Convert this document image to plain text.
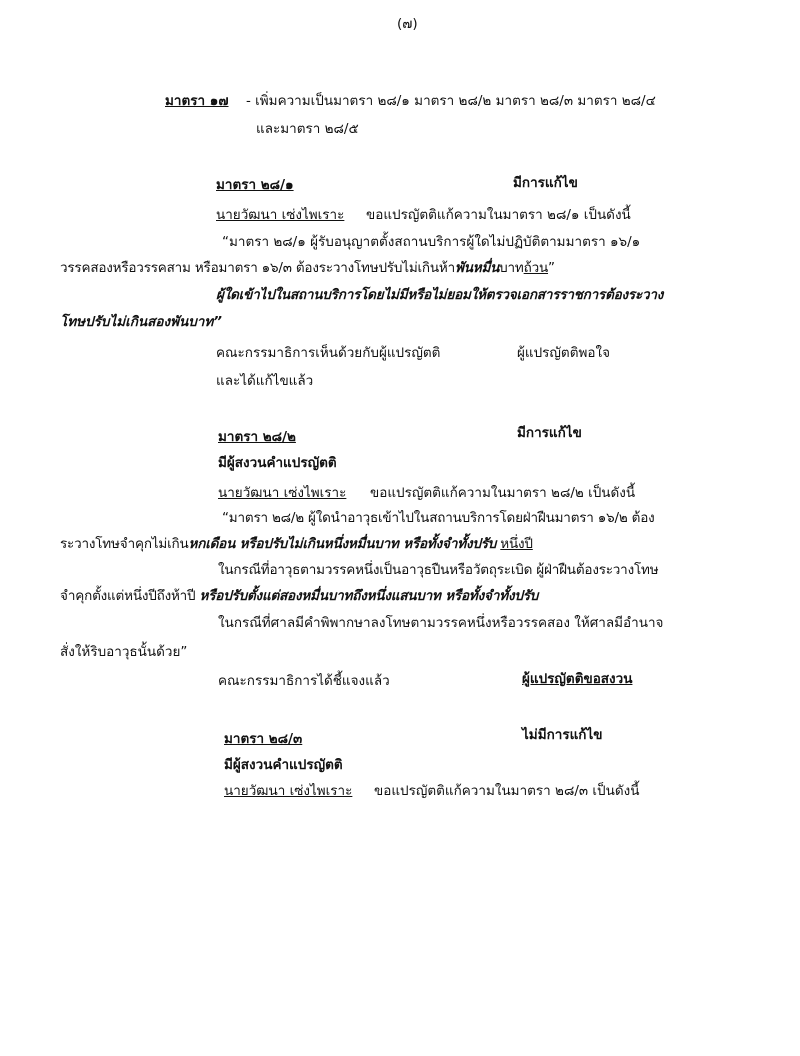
(๗)
มาตรา ๑๗ - เพิ่มความเป็นมาตรา ๒๘/๑ มาตรา ๒๘/๒ มาตรา ๒๘/๓ มาตรา ๒๘/๔
และมาตรา ๒๘/๕
มาตรา ๒๘/๑	มีการแก้ไข
นายวัฒนา เซ่งไพเราะ ขอแปรญัตติแก้ความในมาตรา ๒๘/๑ เป็นดังนี้
“มาตรา ๒๘/๑ ผู้รับอนุญาตตั้งสถานบริการผู้ใดไม่ปฏิบัติตามมาตรา ๑๖/๑
วรรคสองหรือวรรคสาม หรือมาตรา ๑๖/๓ ต้องระวางโทษปรับไม่เกินห้าพันหมื่นบาทถ้วน”
ผู้ใดเข้าไปในสถานบริการโดยไม่มีหรือไม่ยอมให้ตรวจเอกสารราชการต้องระวาง
โทษปรับไม่เกินสองพันบาท”
คณะกรรมาธิการเห็นด้วยกับผู้แปรญัตติ	ผู้แปรญัตติพอใจ
และได้แก้ไขแล้ว
มาตรา ๒๘/๒	มีการแก้ไข
มีผู้สงวนคำแปรญัตติ
นายวัฒนา เซ่งไพเราะ ขอแปรญัตติแก้ความในมาตรา ๒๘/๒ เป็นดังนี้
“มาตรา ๒๘/๒ ผู้ใดนำอาวุธเข้าไปในสถานบริการโดยฝ่าฝืนมาตรา ๑๖/๒ ต้อง
ระวางโทษจำคุกไม่เกินหกเดือน หรือปรับไม่เกินหนึ่งหมื่นบาท หรือทั้งจำทั้งปรับ หนึ่งปี
ในกรณีที่อาวุธตามวรรคหนึ่งเป็นอาวุธปืนหรือวัตถุระเบิด ผู้ฝ่าฝืนต้องระวางโทษ
จำคุกตั้งแต่หนึ่งปีถึงห้าปี หรือปรับตั้งแต่สองหมื่นบาทถึงหนึ่งแสนบาท หรือทั้งจำทั้งปรับ
ในกรณีที่ศาลมีคำพิพากษาลงโทษตามวรรคหนึ่งหรือวรรคสอง ให้ศาลมีอำนาจ
สั่งให้ริบอาวุธนั้นด้วย”
คณะกรรมาธิการได้ชี้แจงแล้ว	ผู้แปรญัตติขอสงวน
มาตรา ๒๘/๓	ไม่มีการแก้ไข
มีผู้สงวนคำแปรญัตติ
นายวัฒนา เซ่งไพเราะ ขอแปรญัตติแก้ความในมาตรา ๒๘/๓ เป็นดังนี้
